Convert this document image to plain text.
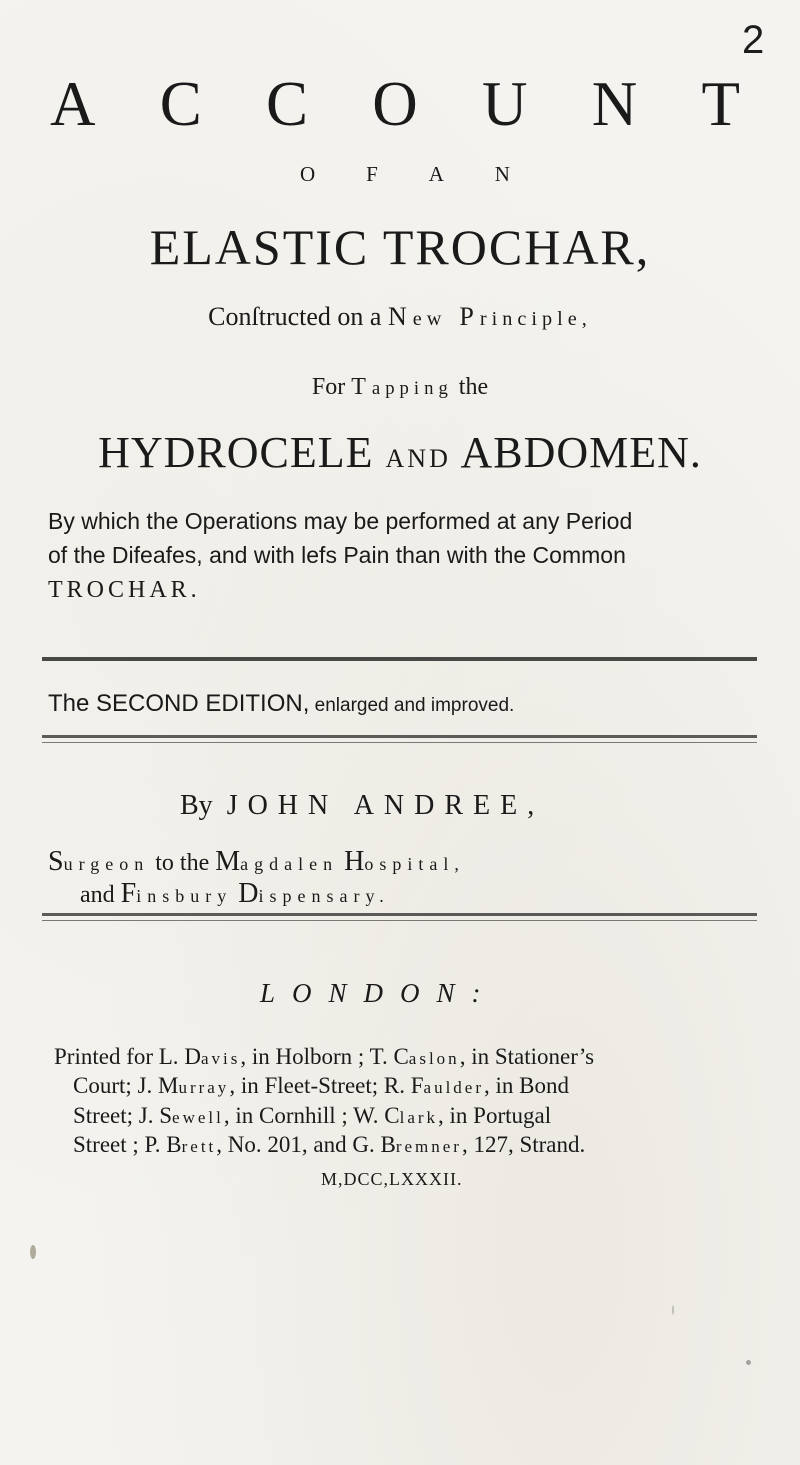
2
A C C O U N T
O F A N
ELASTIC TROCHAR,
Conſtructed on a New Principle,
For Tapping the
HYDROCELE AND ABDOMEN.
By which the Operations may be performed at any Period
of the Difeafes, and with lefs Pain than with the Common
TROCHAR.
The SECOND EDITION, enlarged and improved.
By JOHN ANDREE,
Surgeon to the Magdalen Hospital,
and Finsbury Dispensary.
LONDON:
Printed for L. Davis, in Holborn ; T. Caslon, in Stationer’s
Court; J. Murray, in Fleet-Street; R. Faulder, in Bond
Street; J. Sewell, in Cornhill ; W. Clark, in Portugal
Street ; P. Brett, No. 201, and G. Bremner, 127, Strand.
M,DCC,LXXXII.
